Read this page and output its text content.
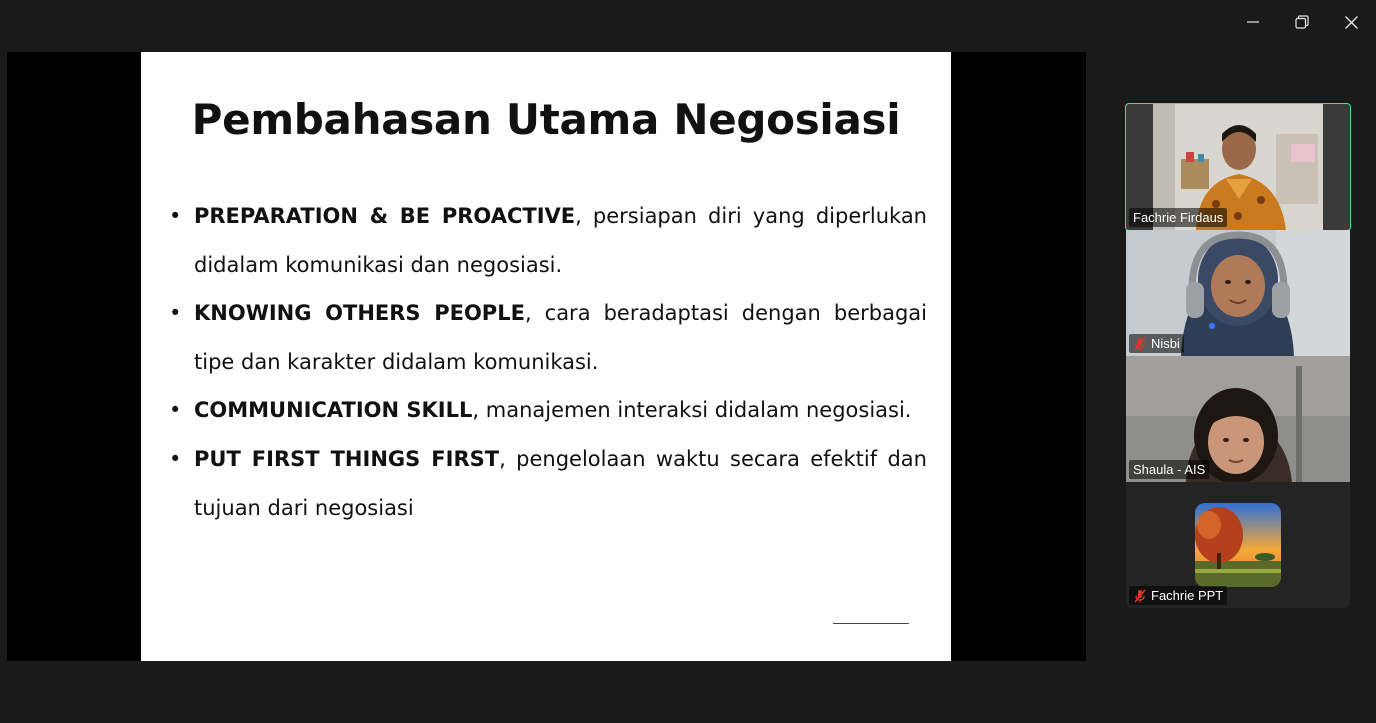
Pembahasan Utama Negosiasi
• PREPARATION & BE PROACTIVE, persiapan diri yang diperlukan didalam komunikasi dan negosiasi.
• KNOWING OTHERS PEOPLE, cara beradaptasi dengan berbagai tipe dan karakter didalam komunikasi.
• COMMUNICATION SKILL, manajemen interaksi didalam negosiasi.
• PUT FIRST THINGS FIRST, pengelolaan waktu secara efektif dan tujuan dari negosiasi
Fachrie Firdaus
Nisbi
Shaula - AIS
Fachrie PPT
